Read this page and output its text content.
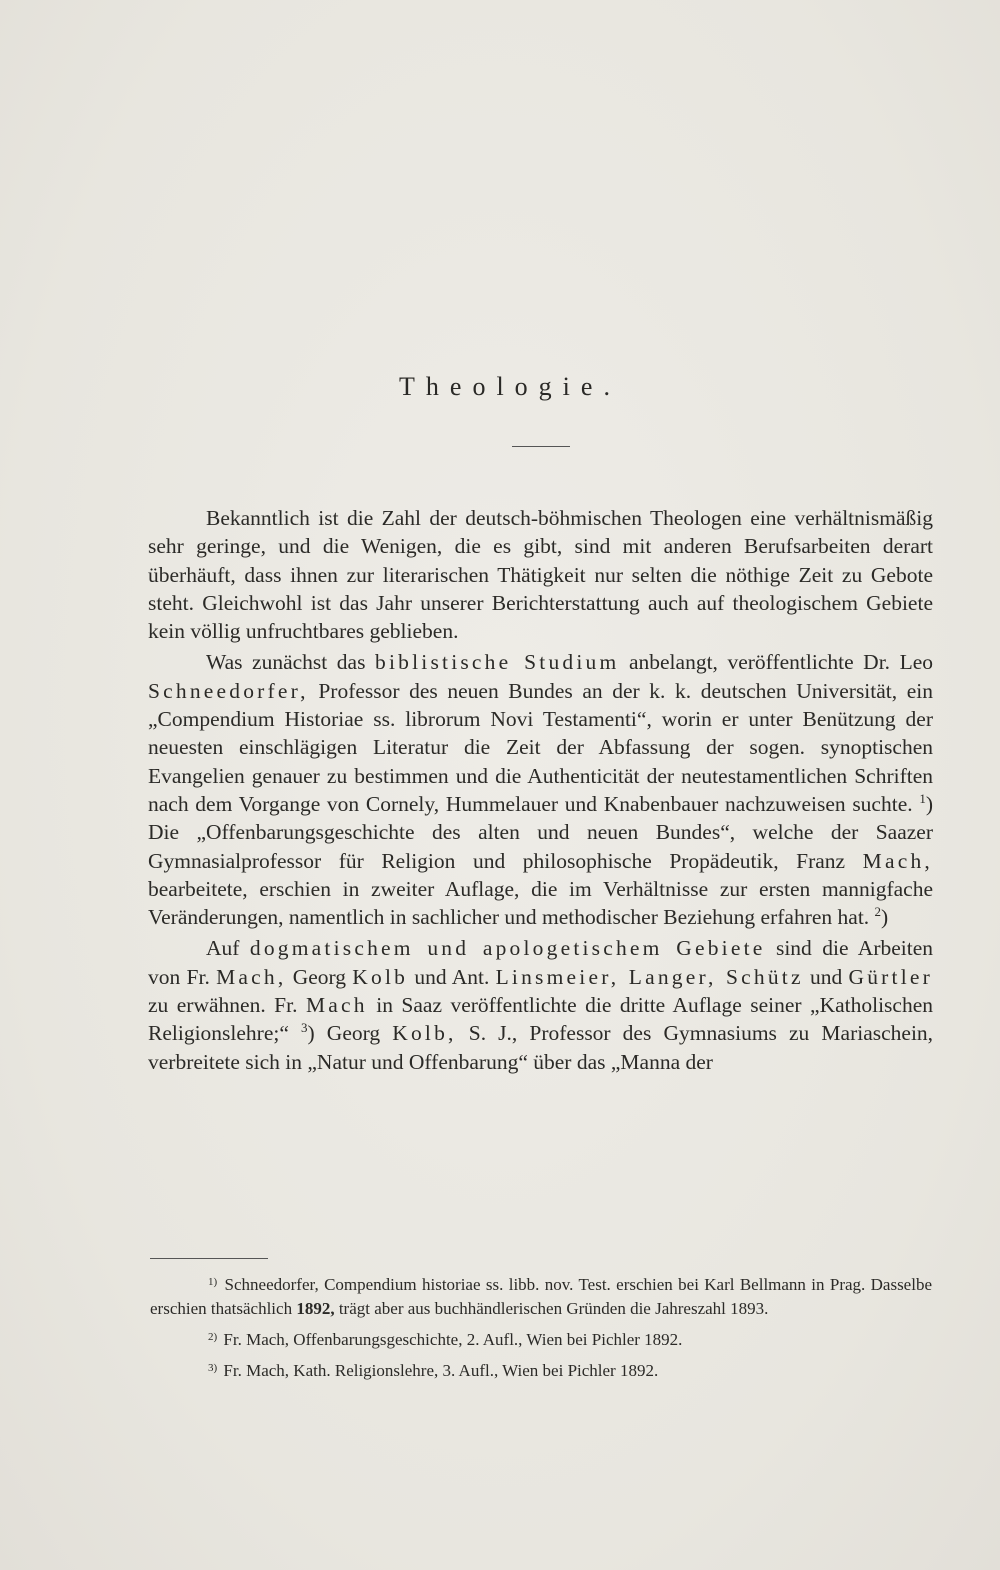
Theologie.

Bekanntlich ist die Zahl der deutsch-böhmischen Theologen eine verhältnismäßig sehr geringe, und die Wenigen, die es gibt, sind mit anderen Berufsarbeiten derart überhäuft, dass ihnen zur literarischen Thätigkeit nur selten die nöthige Zeit zu Gebote steht. Gleichwohl ist das Jahr unserer Berichterstattung auch auf theologischem Gebiete kein völlig unfruchtbares geblieben.

Was zunächst das biblistische Studium anbelangt, veröffentlichte Dr. Leo Schneedorfer, Professor des neuen Bundes an der k. k. deutschen Universität, ein „Compendium Historiae ss. librorum Novi Testamenti“, worin er unter Benützung der neuesten einschlägigen Literatur die Zeit der Abfassung der sogen. synoptischen Evangelien genauer zu bestimmen und die Authenticität der neutestamentlichen Schriften nach dem Vorgange von Cornely, Hummelauer und Knabenbauer nachzuweisen suchte. $^1$) Die „Offenbarungsgeschichte des alten und neuen Bundes“, welche der Saazer Gymnasialprofessor für Religion und philosophische Propädeutik, Franz Mach, bearbeitete, erschien in zweiter Auflage, die im Verhältnisse zur ersten mannigfache Veränderungen, namentlich in sachlicher und methodischer Beziehung erfahren hat. $^2$)

Auf dogmatischem und apologetischem Gebiete sind die Arbeiten von Fr. Mach, Georg Kolb und Ant. Linsmeier, Langer, Schütz und Gürtler zu erwähnen. Fr. Mach in Saaz veröffentlichte die dritte Auflage seiner „Katholischen Religionslehre;“ $^3$) Georg Kolb, S. J., Professor des Gymnasiums zu Mariaschein, verbreitete sich in „Natur und Offenbarung“ über das „Manna der

$^{1)}$ Schneedorfer, Compendium historiae ss. libb. nov. Test. erschien bei Karl Bellmann in Prag. Dasselbe erschien thatsächlich 1892, trägt aber aus buchhändlerischen Gründen die Jahreszahl 1893.

$^{2)}$ Fr. Mach, Offenbarungsgeschichte, 2. Aufl., Wien bei Pichler 1892.

$^{3)}$ Fr. Mach, Kath. Religionslehre, 3. Aufl., Wien bei Pichler 1892.
